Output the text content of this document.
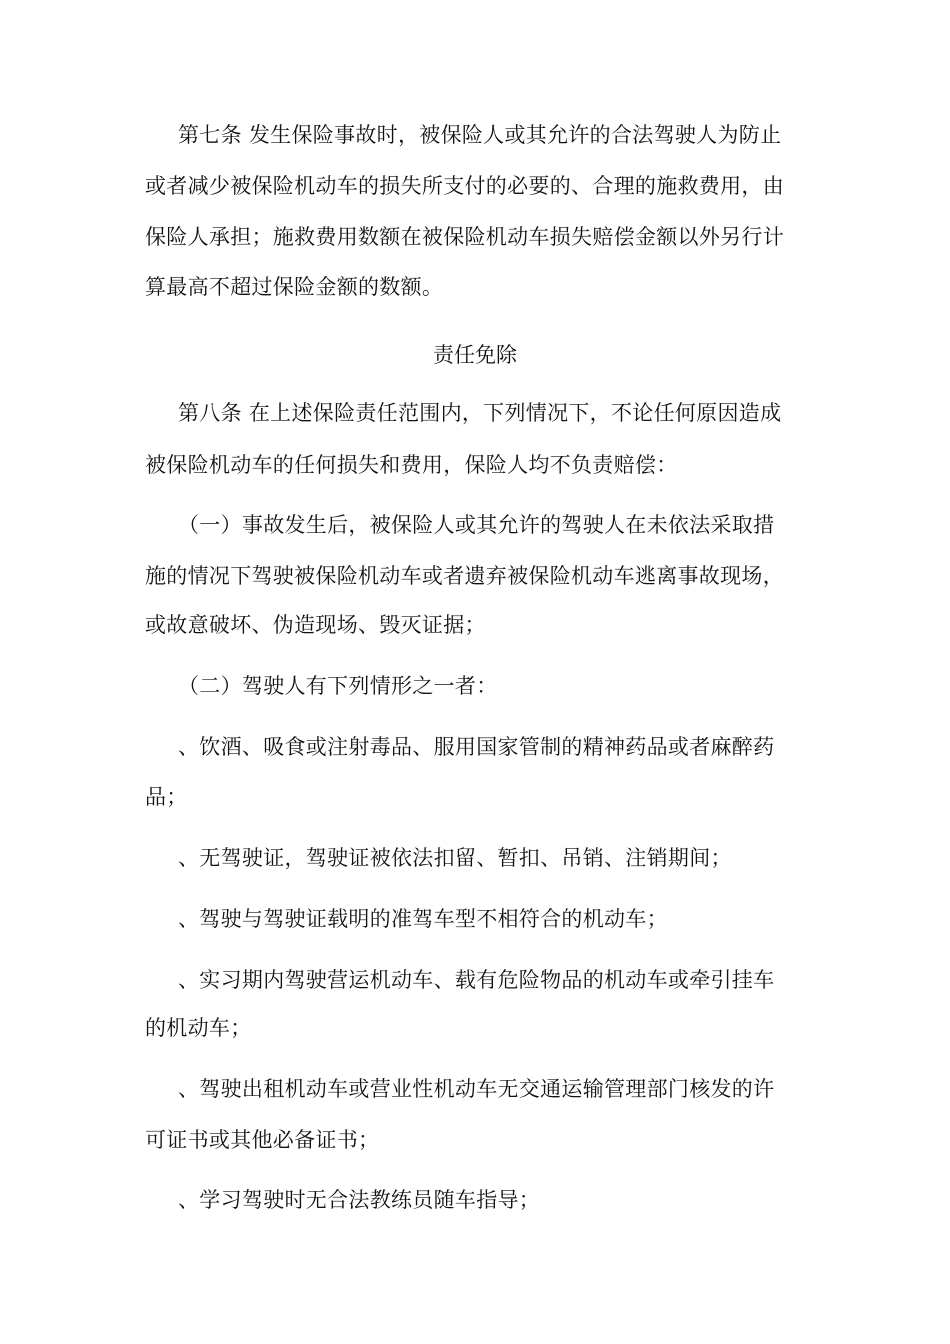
第七条 发生保险事故时，被保险人或其允许的合法驾驶人为防止
或者减少被保险机动车的损失所支付的必要的、合理的施救费用，由
保险人承担；施救费用数额在被保险机动车损失赔偿金额以外另行计
算最高不超过保险金额的数额。
责任免除
第八条 在上述保险责任范围内，下列情况下，不论任何原因造成
被保险机动车的任何损失和费用，保险人均不负责赔偿：
（一）事故发生后，被保险人或其允许的驾驶人在未依法采取措
施的情况下驾驶被保险机动车或者遗弃被保险机动车逃离事故现场，
或故意破坏、伪造现场、毁灭证据；
（二）驾驶人有下列情形之一者：
、饮酒、吸食或注射毒品、服用国家管制的精神药品或者麻醉药
品；
、无驾驶证，驾驶证被依法扣留、暂扣、吊销、注销期间；
、驾驶与驾驶证载明的准驾车型不相符合的机动车；
、实习期内驾驶营运机动车、载有危险物品的机动车或牵引挂车
的机动车；
、驾驶出租机动车或营业性机动车无交通运输管理部门核发的许
可证书或其他必备证书；
、学习驾驶时无合法教练员随车指导；
